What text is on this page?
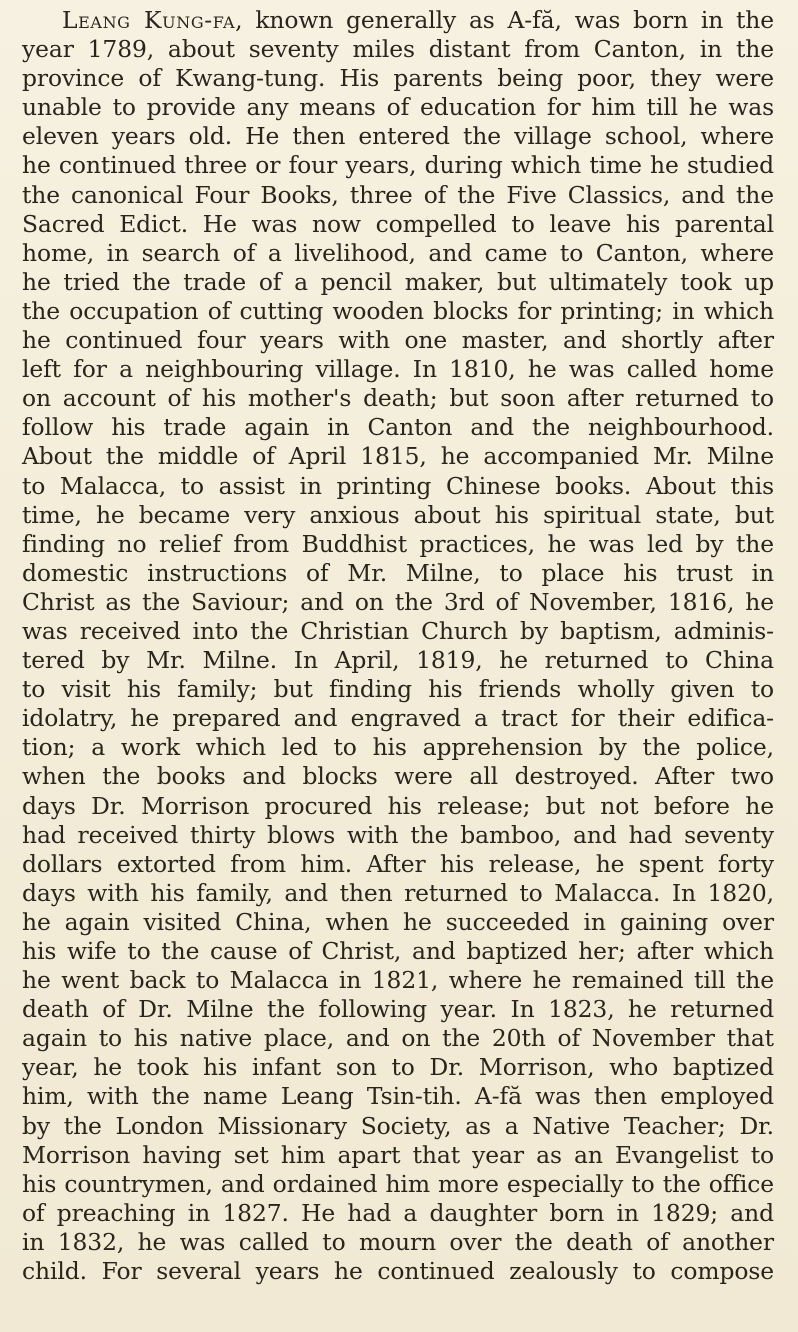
Leang Kung-fa, known generally as A-fă, was born in the
year 1789, about seventy miles distant from Canton, in the
province of Kwang-tung. His parents being poor, they were
unable to provide any means of education for him till he was
eleven years old. He then entered the village school, where
he continued three or four years, during which time he studied
the canonical Four Books, three of the Five Classics, and the
Sacred Edict. He was now compelled to leave his parental
home, in search of a livelihood, and came to Canton, where
he tried the trade of a pencil maker, but ultimately took up
the occupation of cutting wooden blocks for printing; in which
he continued four years with one master, and shortly after
left for a neighbouring village. In 1810, he was called home
on account of his mother's death; but soon after returned to
follow his trade again in Canton and the neighbourhood.
About the middle of April 1815, he accompanied Mr. Milne
to Malacca, to assist in printing Chinese books. About this
time, he became very anxious about his spiritual state, but
finding no relief from Buddhist practices, he was led by the
domestic instructions of Mr. Milne, to place his trust in
Christ as the Saviour; and on the 3rd of November, 1816, he
was received into the Christian Church by baptism, adminis-
tered by Mr. Milne. In April, 1819, he returned to China
to visit his family; but finding his friends wholly given to
idolatry, he prepared and engraved a tract for their edifica-
tion; a work which led to his apprehension by the police,
when the books and blocks were all destroyed. After two
days Dr. Morrison procured his release; but not before he
had received thirty blows with the bamboo, and had seventy
dollars extorted from him. After his release, he spent forty
days with his family, and then returned to Malacca. In 1820,
he again visited China, when he succeeded in gaining over
his wife to the cause of Christ, and baptized her; after which
he went back to Malacca in 1821, where he remained till the
death of Dr. Milne the following year. In 1823, he returned
again to his native place, and on the 20th of November that
year, he took his infant son to Dr. Morrison, who baptized
him, with the name Leang Tsin-tih. A-fă was then employed
by the London Missionary Society, as a Native Teacher; Dr.
Morrison having set him apart that year as an Evangelist to
his countrymen, and ordained him more especially to the office
of preaching in 1827. He had a daughter born in 1829; and
in 1832, he was called to mourn over the death of another
child. For several years he continued zealously to compose
